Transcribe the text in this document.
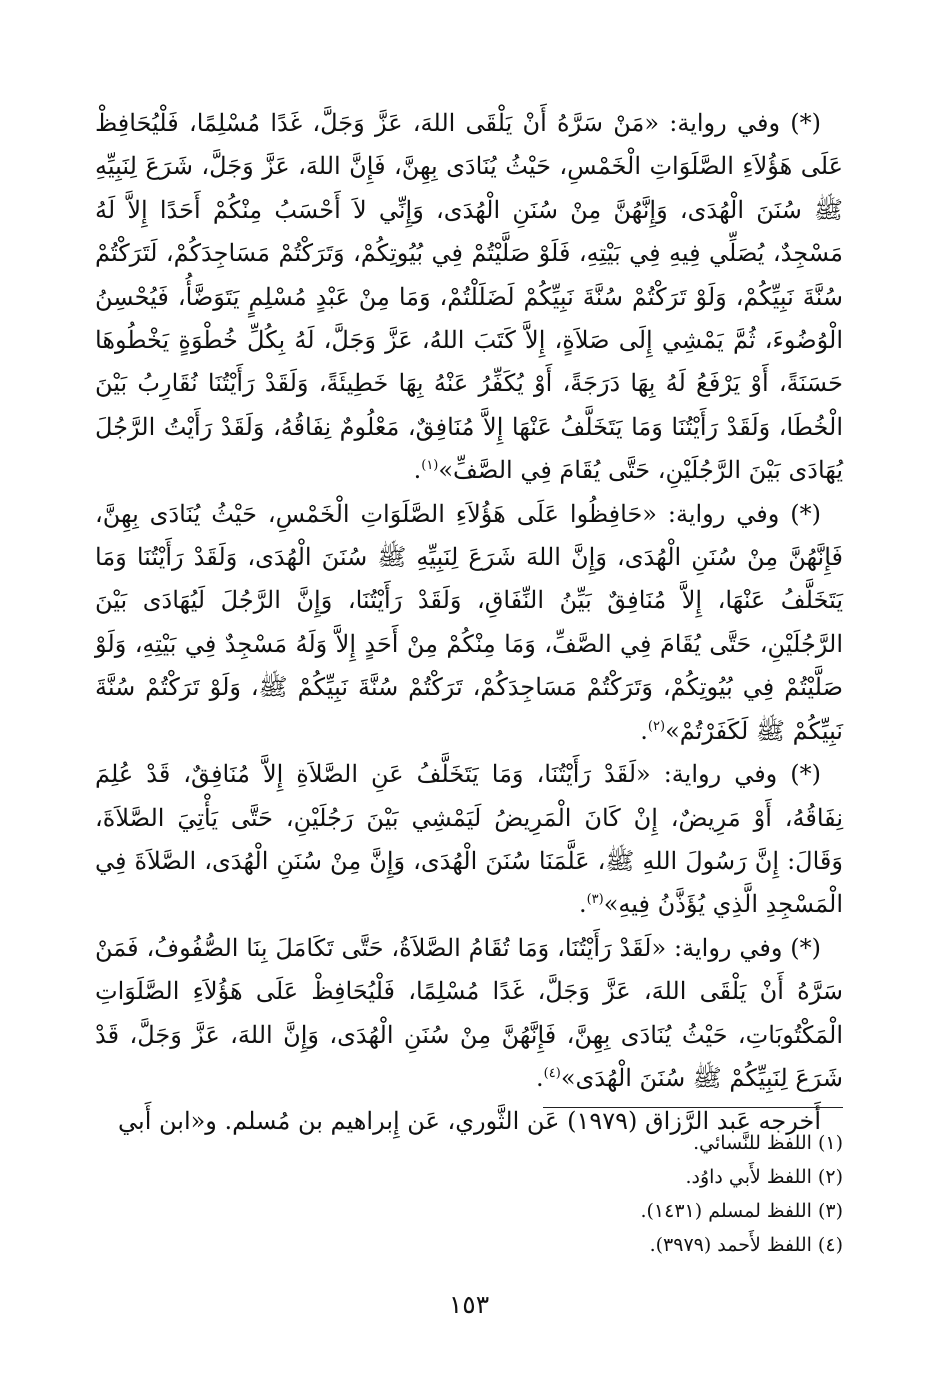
(*) وفي رواية: «مَنْ سَرَّهُ أَنْ يَلْقَى اللهَ، عَزَّ وَجَلَّ، غَدًا مُسْلِمًا، فَلْيُحَافِظْ عَلَى هَؤُلاَءِ الصَّلَوَاتِ الْخَمْسِ، حَيْثُ يُنَادَى بِهِنَّ، فَإِنَّ اللهَ، عَزَّ وَجَلَّ، شَرَعَ لِنَبِيِّهِ ﷺ سُنَنَ الْهُدَى، وَإِنَّهُنَّ مِنْ سُنَنِ الْهُدَى، وَإِنِّي لاَ أَحْسَبُ مِنْكُمْ أَحَدًا إِلاَّ لَهُ مَسْجِدٌ، يُصَلِّي فِيهِ فِي بَيْتِهِ، فَلَوْ صَلَّيْتُمْ فِي بُيُوتِكُمْ، وَتَرَكْتُمْ مَسَاجِدَكُمْ، لَتَرَكْتُمْ سُنَّةَ نَبِيِّكُمْ، وَلَوْ تَرَكْتُمْ سُنَّةَ نَبِيِّكُمْ لَضَلَلْتُمْ، وَمَا مِنْ عَبْدٍ مُسْلِمٍ يَتَوَضَّأُ، فَيُحْسِنُ الْوُضُوءَ، ثُمَّ يَمْشِي إِلَى صَلاَةٍ، إِلاَّ كَتَبَ اللهُ، عَزَّ وَجَلَّ، لَهُ بِكُلِّ خُطْوَةٍ يَخْطُوهَا حَسَنَةً، أَوْ يَرْفَعُ لَهُ بِهَا دَرَجَةً، أَوْ يُكَفِّرُ عَنْهُ بِهَا خَطِيئَةً، وَلَقَدْ رَأَيْتُنَا نُقَارِبُ بَيْنَ الْخُطَا، وَلَقَدْ رَأَيْتُنَا وَمَا يَتَخَلَّفُ عَنْهَا إِلاَّ مُنَافِقٌ، مَعْلُومٌ نِفَاقُهُ، وَلَقَدْ رَأَيْتُ الرَّجُلَ يُهَادَى بَيْنَ الرَّجُلَيْنِ، حَتَّى يُقَامَ فِي الصَّفِّ»$^{(١)}$.

(*) وفي رواية: «حَافِظُوا عَلَى هَؤُلاَءِ الصَّلَوَاتِ الْخَمْسِ، حَيْثُ يُنَادَى بِهِنَّ، فَإِنَّهُنَّ مِنْ سُنَنِ الْهُدَى، وَإِنَّ اللهَ شَرَعَ لِنَبِيِّهِ ﷺ سُنَنَ الْهُدَى، وَلَقَدْ رَأَيْتُنَا وَمَا يَتَخَلَّفُ عَنْهَا، إِلاَّ مُنَافِقٌ بَيِّنُ النِّفَاقِ، وَلَقَدْ رَأَيْتُنَا، وَإِنَّ الرَّجُلَ لَيُهَادَى بَيْنَ الرَّجُلَيْنِ، حَتَّى يُقَامَ فِي الصَّفِّ، وَمَا مِنْكُمْ مِنْ أَحَدٍ إِلاَّ وَلَهُ مَسْجِدٌ فِي بَيْتِهِ، وَلَوْ صَلَّيْتُمْ فِي بُيُوتِكُمْ، وَتَرَكْتُمْ مَسَاجِدَكُمْ، تَرَكْتُمْ سُنَّةَ نَبِيِّكُمْ ﷺ، وَلَوْ تَرَكْتُمْ سُنَّةَ نَبِيِّكُمْ ﷺ لَكَفَرْتُمْ»$^{(٢)}$.

(*) وفي رواية: «لَقَدْ رَأَيْتُنَا، وَمَا يَتَخَلَّفُ عَنِ الصَّلاَةِ إِلاَّ مُنَافِقٌ، قَدْ عُلِمَ نِفَاقُهُ، أَوْ مَرِيضٌ، إِنْ كَانَ الْمَرِيضُ لَيَمْشِي بَيْنَ رَجُلَيْنِ، حَتَّى يَأْتِيَ الصَّلاَةَ، وَقَالَ: إِنَّ رَسُولَ اللهِ ﷺ، عَلَّمَنَا سُنَنَ الْهُدَى، وَإِنَّ مِنْ سُنَنِ الْهُدَى، الصَّلاَةَ فِي الْمَسْجِدِ الَّذِي يُؤَذَّنُ فِيهِ»$^{(٣)}$.

(*) وفي رواية: «لَقَدْ رَأَيْتُنَا، وَمَا تُقَامُ الصَّلاَةُ، حَتَّى تَكَامَلَ بِنَا الصُّفُوفُ، فَمَنْ سَرَّهُ أَنْ يَلْقَى اللهَ، عَزَّ وَجَلَّ، غَدًا مُسْلِمًا، فَلْيُحَافِظْ عَلَى هَؤُلاَءِ الصَّلَوَاتِ الْمَكْتُوبَاتِ، حَيْثُ يُنَادَى بِهِنَّ، فَإِنَّهُنَّ مِنْ سُنَنِ الْهُدَى، وَإِنَّ اللهَ، عَزَّ وَجَلَّ، قَدْ شَرَعَ لِنَبِيِّكُمْ ﷺ سُنَنَ الْهُدَى»$^{(٤)}$.

أَخرجه عَبد الرَّزاق (١٩٧٩) عَن الثَّوري، عَن إِبراهيم بن مُسلم. و«ابن أَبي

(١) اللفظ للنَّسائي.
(٢) اللفظ لأَبي داوُد.
(٣) اللفظ لمسلم (١٤٣١).
(٤) اللفظ لأَحمد (٣٩٧٩).
١٥٣
